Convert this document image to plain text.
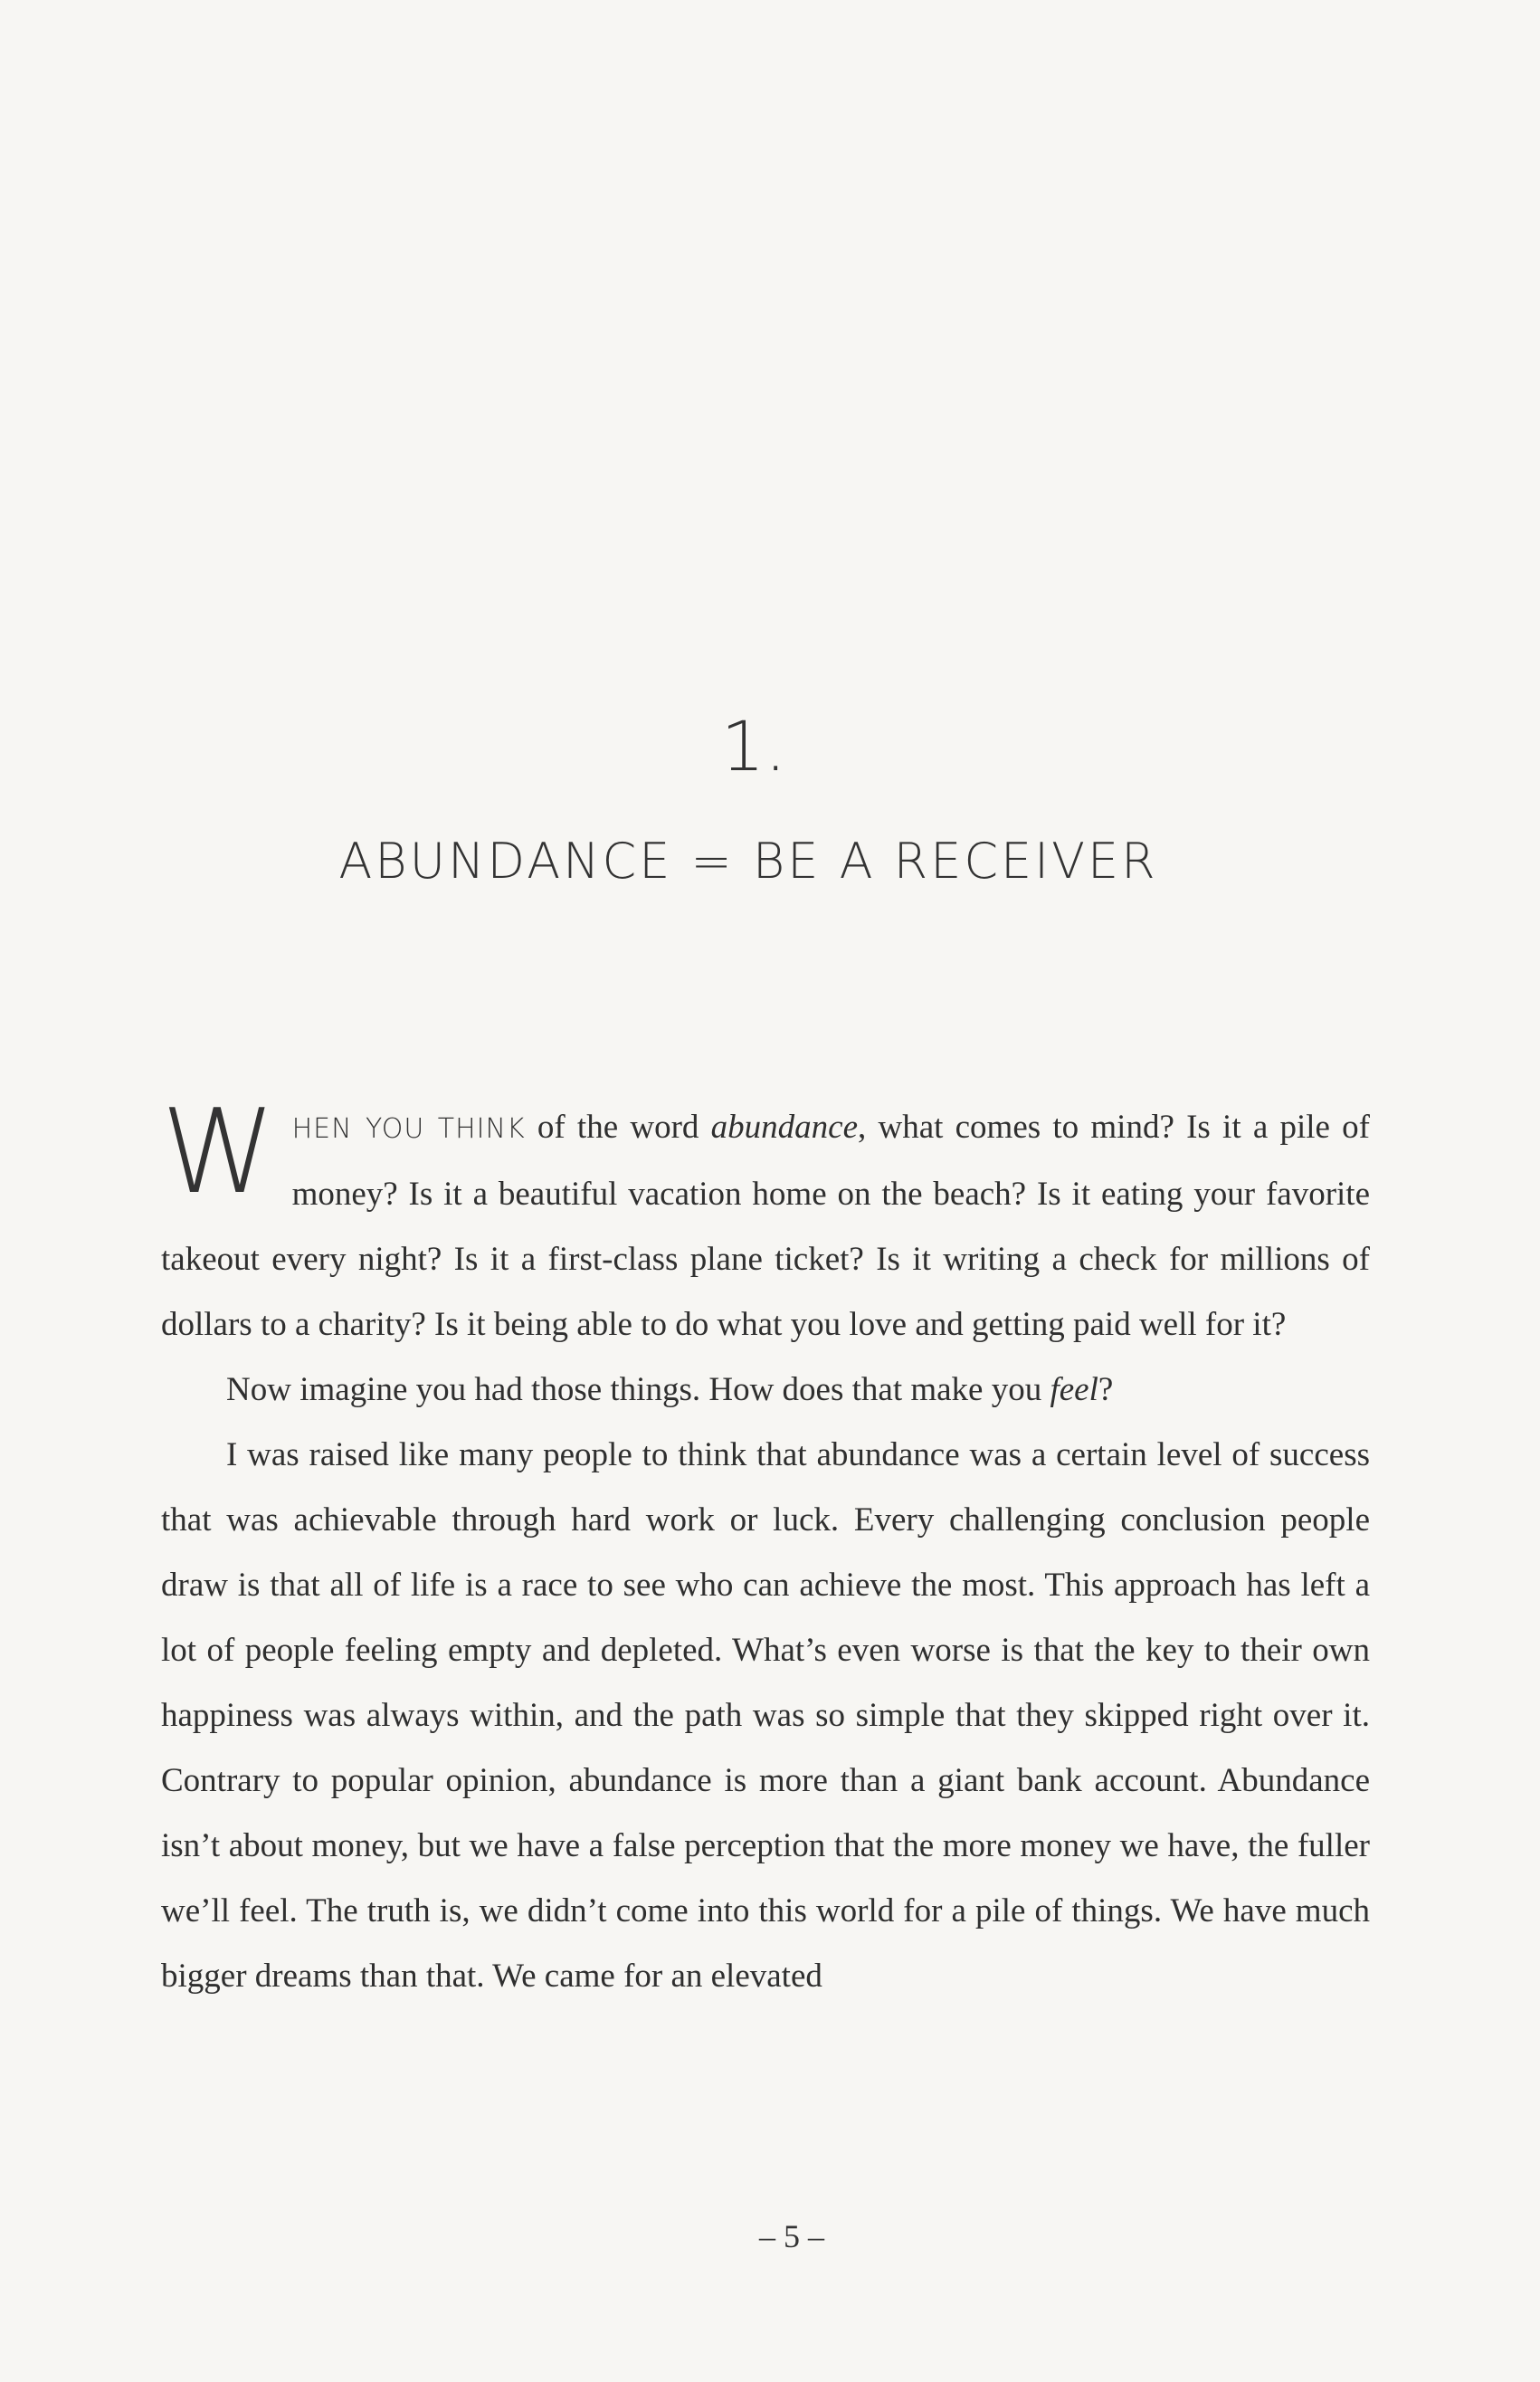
1.
ABUNDANCE = BE A RECEIVER

WHEN YOU THINK of the word abundance, what comes to mind? Is it a pile of money? Is it a beautiful vacation home on the beach? Is it eating your favorite takeout every night? Is it a first-class plane ticket? Is it writing a check for millions of dollars to a charity? Is it being able to do what you love and getting paid well for it?

Now imagine you had those things. How does that make you feel?

I was raised like many people to think that abundance was a certain level of success that was achievable through hard work or luck. Every challenging conclusion people draw is that all of life is a race to see who can achieve the most. This approach has left a lot of people feeling empty and depleted. What’s even worse is that the key to their own happiness was always within, and the path was so simple that they skipped right over it. Contrary to popular opinion, abundance is more than a giant bank account. Abundance isn’t about money, but we have a false perception that the more money we have, the fuller we’ll feel. The truth is, we didn’t come into this world for a pile of things. We have much bigger dreams than that. We came for an elevated

– 5 –
